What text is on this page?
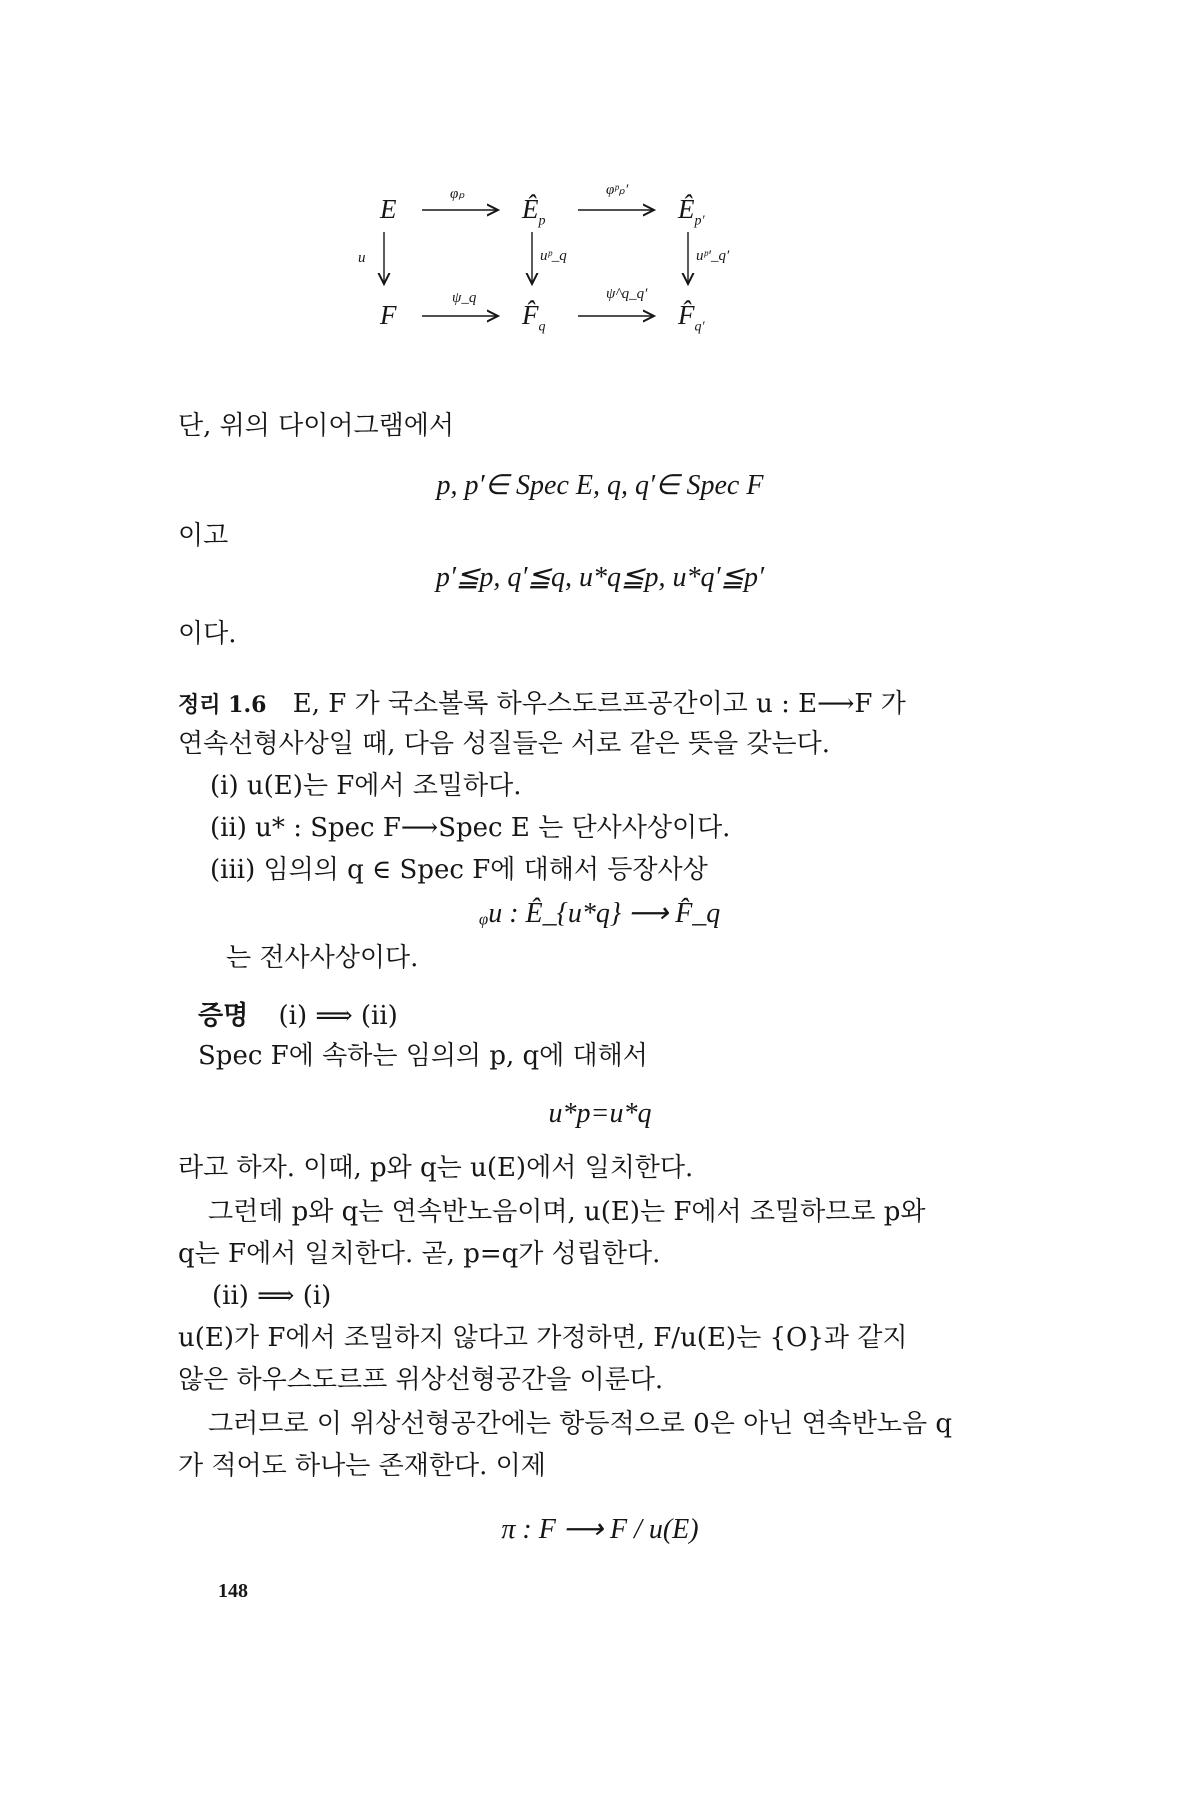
E	$Ê_p$	$Ê_{p'}$
F	$F̂_q$	$F̂_{q'}$
φₚ	φᵖₚ′
u	uᵖ_q	uᵖ′_q′
ψ_q	ψ^q_q′
단, 위의 다이어그램에서
p, p′∈ Spec E, q, q′∈ Spec F
이고
p′≦p, q′≦q, u*q≦p, u*q′≦p′
이다.
정리 1.6 E, F 가 국소볼록 하우스도르프공간이고 u : E⟶F 가
연속선형사상일 때, 다음 성질들은 서로 같은 뜻을 갖는다.
(i) u(E)는 F에서 조밀하다.
(ii) u* : Spec F⟶Spec E 는 단사사상이다.
(iii) 임의의 q ∈ Spec F에 대해서 등장사상
ᵩu : Ê_{u*q} ⟶ F̂_q
는 전사사상이다.
증명 (i) ⟹ (ii)
Spec F에 속하는 임의의 p, q에 대해서
u*p=u*q
라고 하자. 이때, p와 q는 u(E)에서 일치한다.
그런데 p와 q는 연속반노음이며, u(E)는 F에서 조밀하므로 p와
q는 F에서 일치한다. 곧, p=q가 성립한다.
(ii) ⟹ (i)
u(E)가 F에서 조밀하지 않다고 가정하면, F/u(E)는 {O}과 같지
않은 하우스도르프 위상선형공간을 이룬다.
그러므로 이 위상선형공간에는 항등적으로 0은 아닌 연속반노음 q
가 적어도 하나는 존재한다. 이제
π : F ⟶ F / u(E)
148
